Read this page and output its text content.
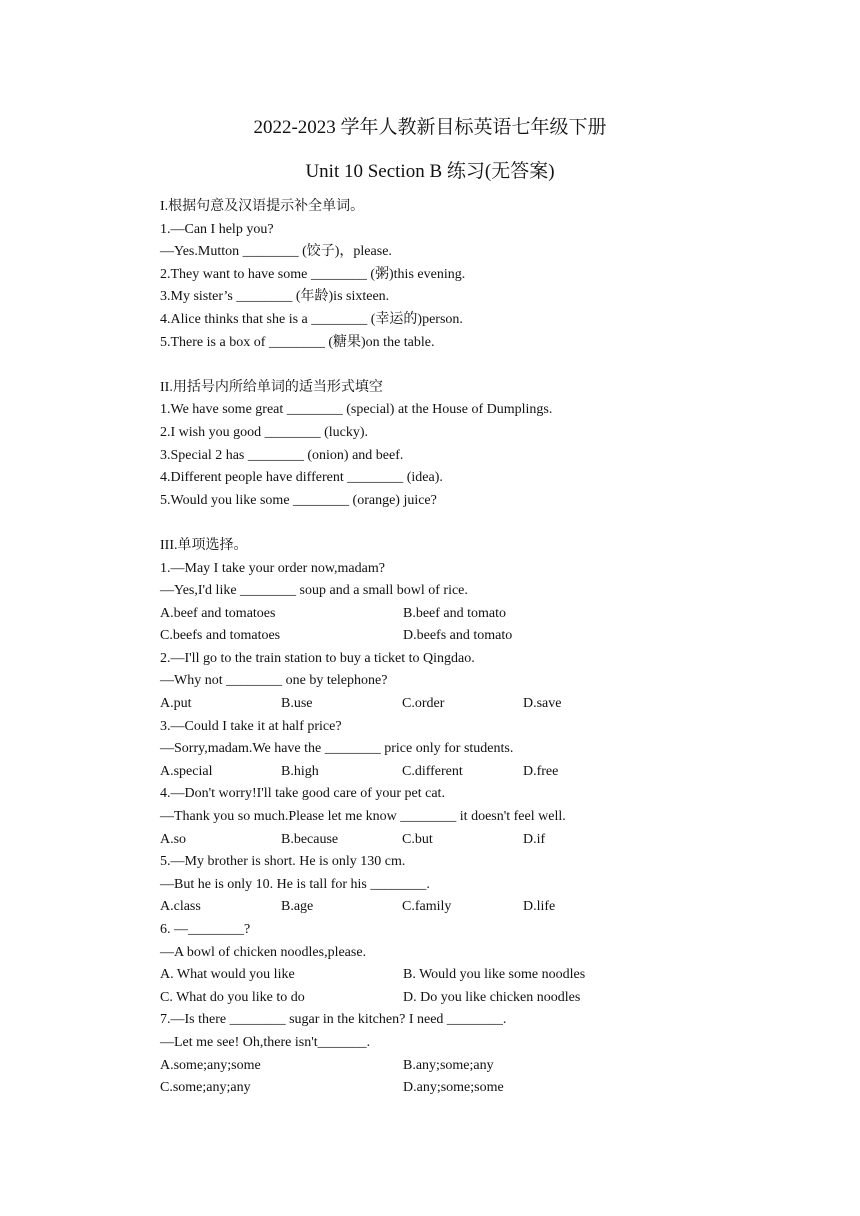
2022-2023 学年人教新目标英语七年级下册
Unit 10 Section B 练习(无答案)
I.根据句意及汉语提示补全单词。
1.—Can I help you?
—Yes.Mutton ________ (饺子)，please.
2.They want to have some ________ (粥)this evening.
3.My sister’s ________ (年龄)is sixteen.
4.Alice thinks that she is a ________ (幸运的)person.
5.There is a box of ________ (糖果)on the table.
II.用括号内所给单词的适当形式填空
1.We have some great ________ (special) at the House of Dumplings.
2.I wish you good ________ (lucky).
3.Special 2 has ________ (onion) and beef.
4.Different people have different ________ (idea).
5.Would you like some ________ (orange) juice?
III.单项选择。
1.—May I take your order now,madam?
—Yes,I'd like ________ soup and a small bowl of rice.
A.beef and tomatoes	B.beef and tomato
C.beefs and tomatoes	D.beefs and tomato
2.—I'll go to the train station to buy a ticket to Qingdao.
—Why not ________ one by telephone?
A.put	B.use	C.order	D.save
3.—Could I take it at half price?
—Sorry,madam.We have the ________ price only for students.
A.special	B.high	C.different	D.free
4.—Don't worry!I'll take good care of your pet cat.
—Thank you so much.Please let me know ________ it doesn't feel well.
A.so	B.because	C.but	D.if
5.—My brother is short. He is only 130 cm.
—But he is only 10. He is tall for his ________.
A.class	B.age	C.family	D.life
6. —________?
—A bowl of chicken noodles,please.
A. What would you like	B. Would you like some noodles
C. What do you like to do	D. Do you like chicken noodles
7.—Is there ________ sugar in the kitchen? I need ________.
—Let me see! Oh,there isn't_______.
A.some;any;some	B.any;some;any
C.some;any;any	D.any;some;some
